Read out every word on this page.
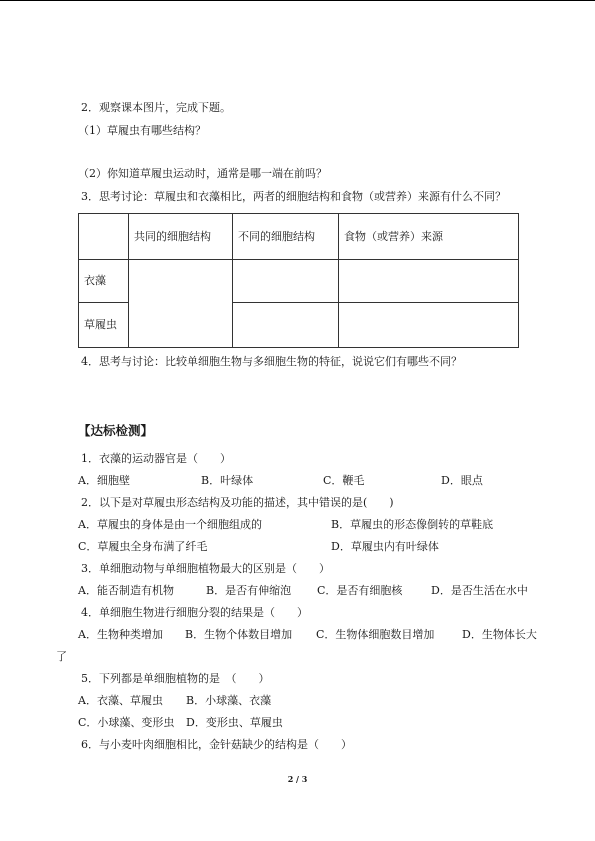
2．观察课本图片，完成下题。
（1）草履虫有哪些结构？
（2）你知道草履虫运动时，通常是哪一端在前吗？
3．思考讨论：草履虫和衣藻相比，两者的细胞结构和食物（或营养）来源有什么不同？
	共同的细胞结构	不同的细胞结构	食物（或营养）来源
衣藻			
草履虫			
4．思考与讨论：比较单细胞生物与多细胞生物的特征，说说它们有哪些不同？
【达标检测】
1．衣藻的运动器官是（　　）
A．细胞壁	B．叶绿体	C．鞭毛	D．眼点
2．以下是对草履虫形态结构及功能的描述，其中错误的是(　　)
A．草履虫的身体是由一个细胞组成的	B．草履虫的形态像倒转的草鞋底
C．草履虫全身布满了纤毛	D．草履虫内有叶绿体
3．单细胞动物与单细胞植物最大的区别是（　　）
A．能否制造有机物	B．是否有伸缩泡 C．是否有细胞核	D．是否生活在水中
4．单细胞生物进行细胞分裂的结果是（　　）
A．生物种类增加 B．生物个体数目增加 C．生物体细胞数目增加	D．生物体长大
了
5．下列都是单细胞植物的是　（　　）
A．衣藻、草履虫 B．小球藻、衣藻
C．小球藻、变形虫 D．变形虫、草履虫
6．与小麦叶肉细胞相比，金针菇缺少的结构是（　　）
2 / 3
